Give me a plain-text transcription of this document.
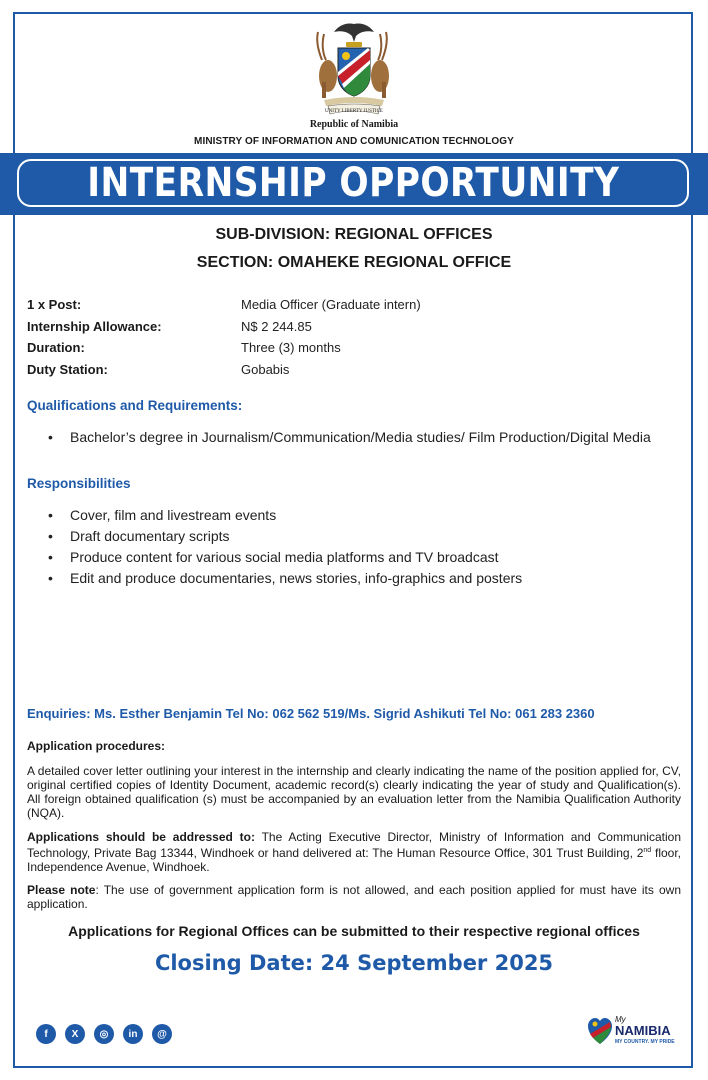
UNITY LIBERTY JUSTICE
Republic of Namibia
MINISTRY OF INFORMATION AND COMUNICATION TECHNOLOGY
INTERNSHIP OPPORTUNITY
SUB-DIVISION: REGIONAL OFFICES
SECTION: OMAHEKE REGIONAL OFFICE
1 x Post:	Media Officer (Graduate intern)
Internship Allowance:	N$ 2 244.85
Duration:	Three (3) months
Duty Station:	Gobabis
Qualifications and Requirements:
• Bachelor’s degree in Journalism/Communication/Media studies/ Film Production/Digital Media
Responsibilities
• Cover, film and livestream events
• Draft documentary scripts
• Produce content for various social media platforms and TV broadcast
• Edit and produce documentaries, news stories, info-graphics and posters
Enquiries: Ms. Esther Benjamin Tel No: 062 562 519/Ms. Sigrid Ashikuti Tel No: 061 283 2360
Application procedures:
A detailed cover letter outlining your interest in the internship and clearly indicating the name of the position applied for, CV, original certified copies of Identity Document, academic record(s) clearly indicating the year of study and Qualification(s). All foreign obtained qualification (s) must be accompanied by an evaluation letter from the Namibia Qualification Authority (NQA).
Applications should be addressed to: The Acting Executive Director, Ministry of Information and Communication Technology, Private Bag 13344, Windhoek or hand delivered at: The Human Resource Office, 301 Trust Building, 2nd floor, Independence Avenue, Windhoek.
Please note: The use of government application form is not allowed, and each position applied for must have its own application.
Applications for Regional Offices can be submitted to their respective regional offices
Closing Date: 24 September 2025
f	X	◎	in	@
My
NAMIBIA
MY COUNTRY. MY PRIDE
